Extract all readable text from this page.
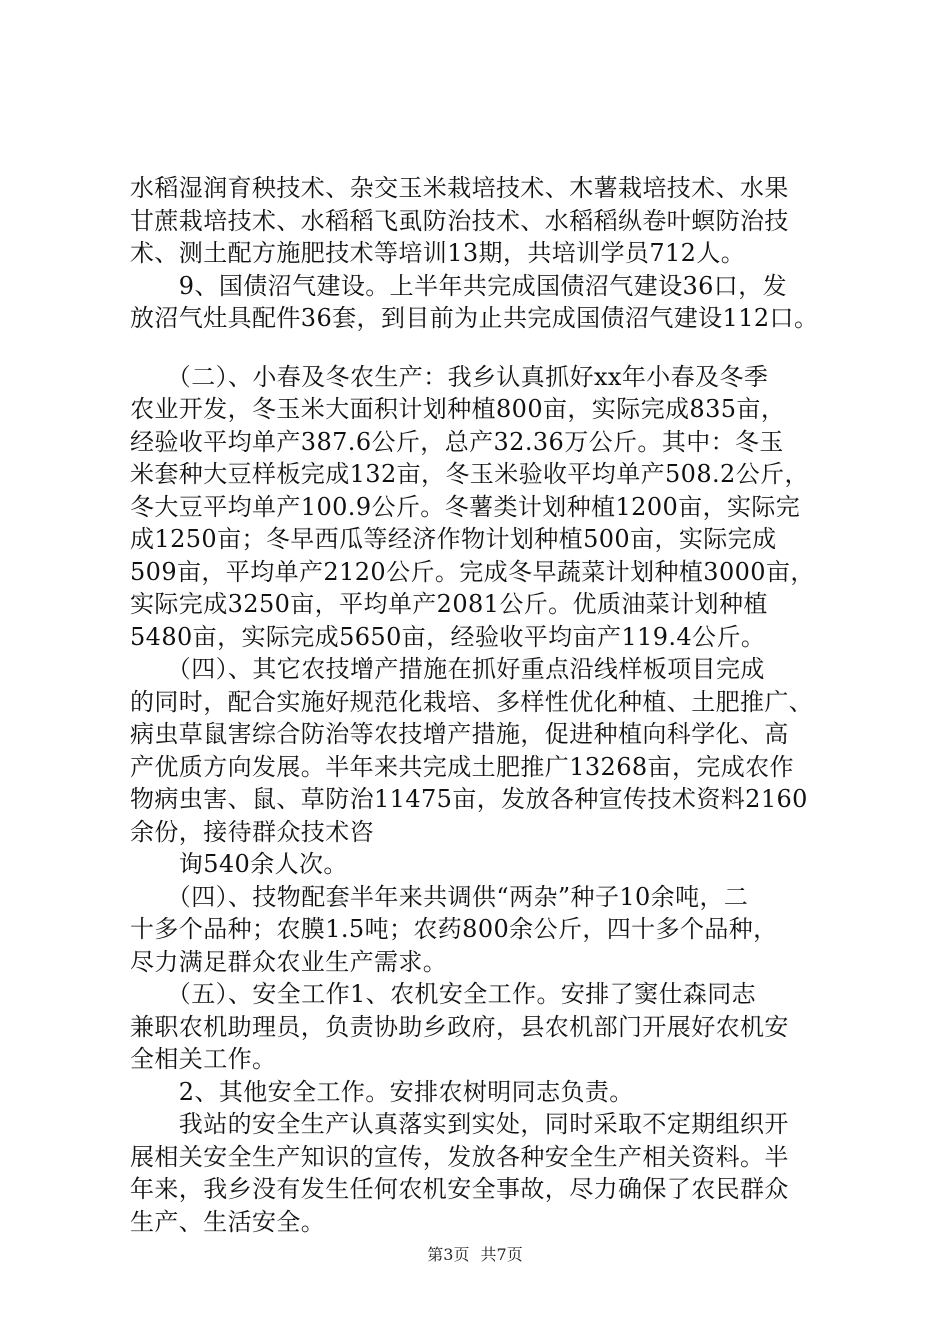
水稻湿润育秧技术、杂交玉米栽培技术、木薯栽培技术、水果
甘蔗栽培技术、水稻稻飞虱防治技术、水稻稻纵卷叶螟防治技
术、测土配方施肥技术等培训13期，共培训学员712人。
　　9、国债沼气建设。上半年共完成国债沼气建设36口，发
放沼气灶具配件36套，到目前为止共完成国债沼气建设112口。
　　（二）、小春及冬农生产：我乡认真抓好xx年小春及冬季
农业开发，冬玉米大面积计划种植800亩，实际完成835亩，
经验收平均单产387.6公斤，总产32.36万公斤。其中：冬玉
米套种大豆样板完成132亩，冬玉米验收平均单产508.2公斤，
冬大豆平均单产100.9公斤。冬薯类计划种植1200亩，实际完
成1250亩；冬早西瓜等经济作物计划种植500亩，实际完成
509亩，平均单产2120公斤。完成冬早蔬菜计划种植3000亩，
实际完成3250亩，平均单产2081公斤。优质油菜计划种植
5480亩，实际完成5650亩，经验收平均亩产119.4公斤。
　　（四）、其它农技增产措施在抓好重点沿线样板项目完成
的同时，配合实施好规范化栽培、多样性优化种植、土肥推广、
病虫草鼠害综合防治等农技增产措施，促进种植向科学化、高
产优质方向发展。半年来共完成土肥推广13268亩，完成农作
物病虫害、鼠、草防治11475亩，发放各种宣传技术资料2160
余份，接待群众技术咨
　　询540余人次。
　　（四）、技物配套半年来共调供“两杂”种子10余吨，二
十多个品种；农膜1.5吨；农药800余公斤，四十多个品种，
尽力满足群众农业生产需求。
　　（五）、安全工作1、农机安全工作。安排了窦仕森同志
兼职农机助理员，负责协助乡政府，县农机部门开展好农机安
全相关工作。
　　2、其他安全工作。安排农树明同志负责。
　　我站的安全生产认真落实到实处，同时采取不定期组织开
展相关安全生产知识的宣传，发放各种安全生产相关资料。半
年来，我乡没有发生任何农机安全事故，尽力确保了农民群众
生产、生活安全。
第3页 共7页
